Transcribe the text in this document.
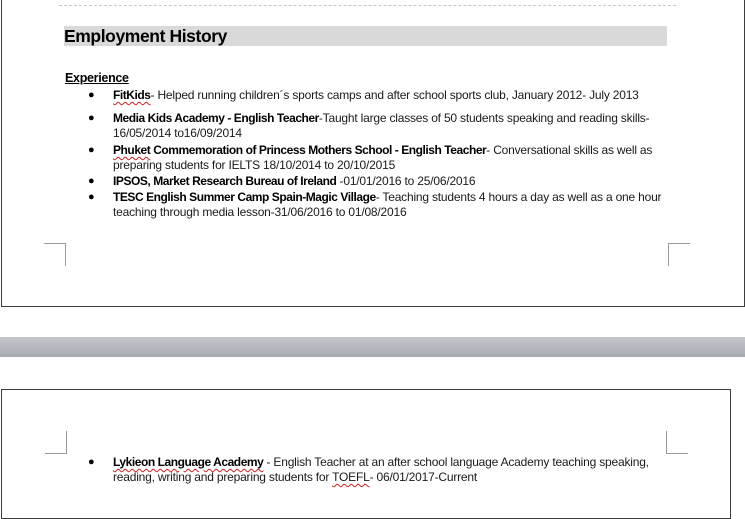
Employment History
Experience
● FitKids- Helped running children´s sports camps and after school sports club, January 2012- July 2013
● Media Kids Academy - English Teacher-Taught large classes of 50 students speaking and reading skills- 16/05/2014 to16/09/2014
● Phuket Commemoration of Princess Mothers School - English Teacher- Conversational skills as well as preparing students for IELTS 18/10/2014 to 20/10/2015
● IPSOS, Market Research Bureau of Ireland -01/01/2016 to 25/06/2016
● TESC English Summer Camp Spain-Magic Village- Teaching students 4 hours a day as well as a one hour teaching through media lesson-31/06/2016 to 01/08/2016
● Lykieon Language Academy - English Teacher at an after school language Academy teaching speaking, reading, writing and preparing students for TOEFL- 06/01/2017-Current
